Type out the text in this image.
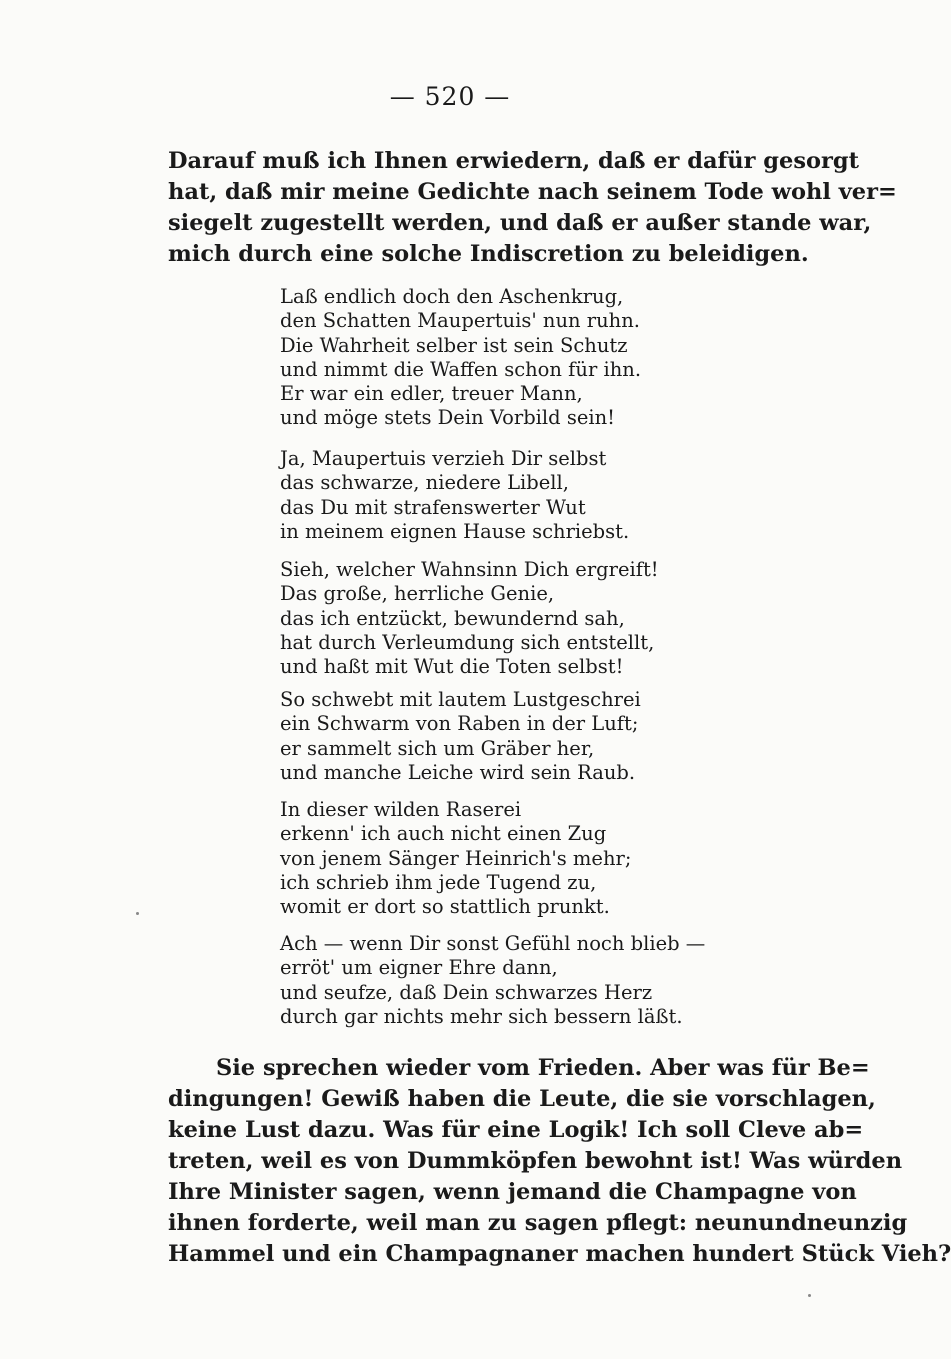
— 520 —
Darauf muß ich Ihnen erwiedern, daß er dafür gesorgt
hat, daß mir meine Gedichte nach seinem Tode wohl ver=
siegelt zugestellt werden, und daß er außer stande war,
mich durch eine solche Indiscretion zu beleidigen.
Laß endlich doch den Aschenkrug,
den Schatten Maupertuis' nun ruhn.
Die Wahrheit selber ist sein Schutz
und nimmt die Waffen schon für ihn.
Er war ein edler, treuer Mann,
und möge stets Dein Vorbild sein!
Ja, Maupertuis verzieh Dir selbst
das schwarze, niedere Libell,
das Du mit strafenswerter Wut
in meinem eignen Hause schriebst.
Sieh, welcher Wahnsinn Dich ergreift!
Das große, herrliche Genie,
das ich entzückt, bewundernd sah,
hat durch Verleumdung sich entstellt,
und haßt mit Wut die Toten selbst!
So schwebt mit lautem Lustgeschrei
ein Schwarm von Raben in der Luft;
er sammelt sich um Gräber her,
und manche Leiche wird sein Raub.
In dieser wilden Raserei
erkenn' ich auch nicht einen Zug
von jenem Sänger Heinrich's mehr;
ich schrieb ihm jede Tugend zu,
womit er dort so stattlich prunkt.
Ach — wenn Dir sonst Gefühl noch blieb —
erröt' um eigner Ehre dann,
und seufze, daß Dein schwarzes Herz
durch gar nichts mehr sich bessern läßt.
Sie sprechen wieder vom Frieden. Aber was für Be=
dingungen! Gewiß haben die Leute, die sie vorschlagen,
keine Lust dazu. Was für eine Logik! Ich soll Cleve ab=
treten, weil es von Dummköpfen bewohnt ist! Was würden
Ihre Minister sagen, wenn jemand die Champagne von
ihnen forderte, weil man zu sagen pflegt: neunundneunzig
Hammel und ein Champagnaner machen hundert Stück Vieh?
